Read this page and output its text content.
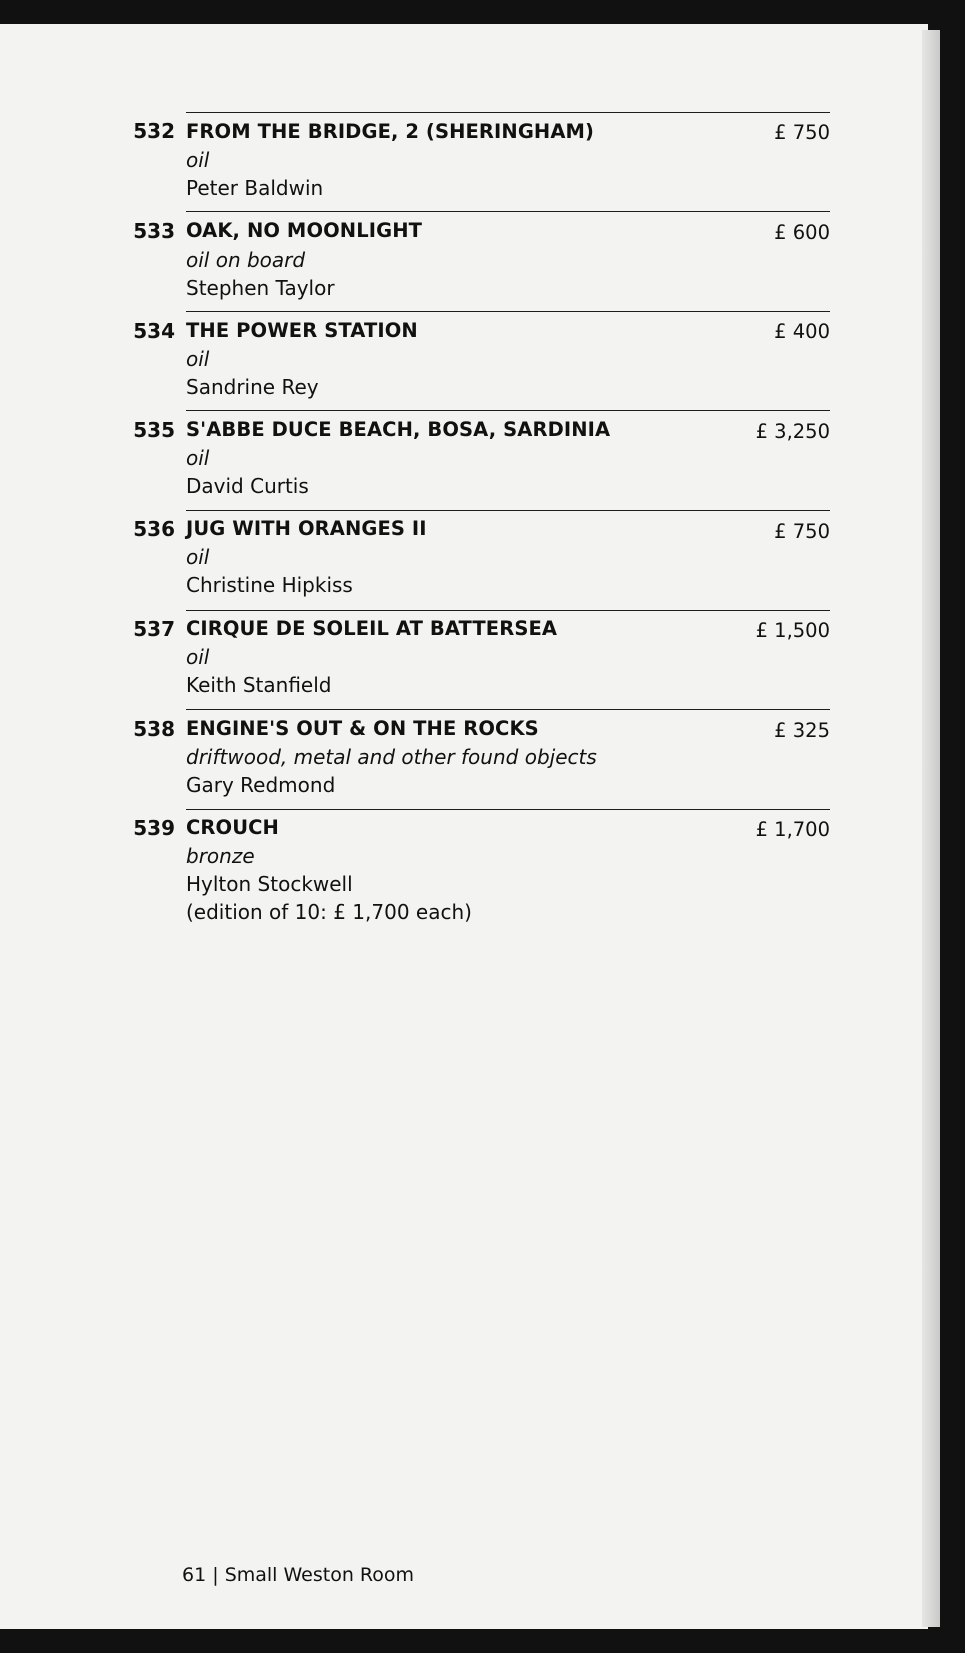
532 FROM THE BRIDGE, 2 (SHERINGHAM)	£ 750
oil
Peter Baldwin
533 OAK, NO MOONLIGHT	£ 600
oil on board
Stephen Taylor
534 THE POWER STATION	£ 400
oil
Sandrine Rey
535 S'ABBE DUCE BEACH, BOSA, SARDINIA	£ 3,250
oil
David Curtis
536 JUG WITH ORANGES II	£ 750
oil
Christine Hipkiss
537 CIRQUE DE SOLEIL AT BATTERSEA	£ 1,500
oil
Keith Stanfield
538 ENGINE'S OUT & ON THE ROCKS	£ 325
driftwood, metal and other found objects
Gary Redmond
539 CROUCH	£ 1,700
bronze
Hylton Stockwell
(edition of 10: £ 1,700 each)
61 | Small Weston Room
